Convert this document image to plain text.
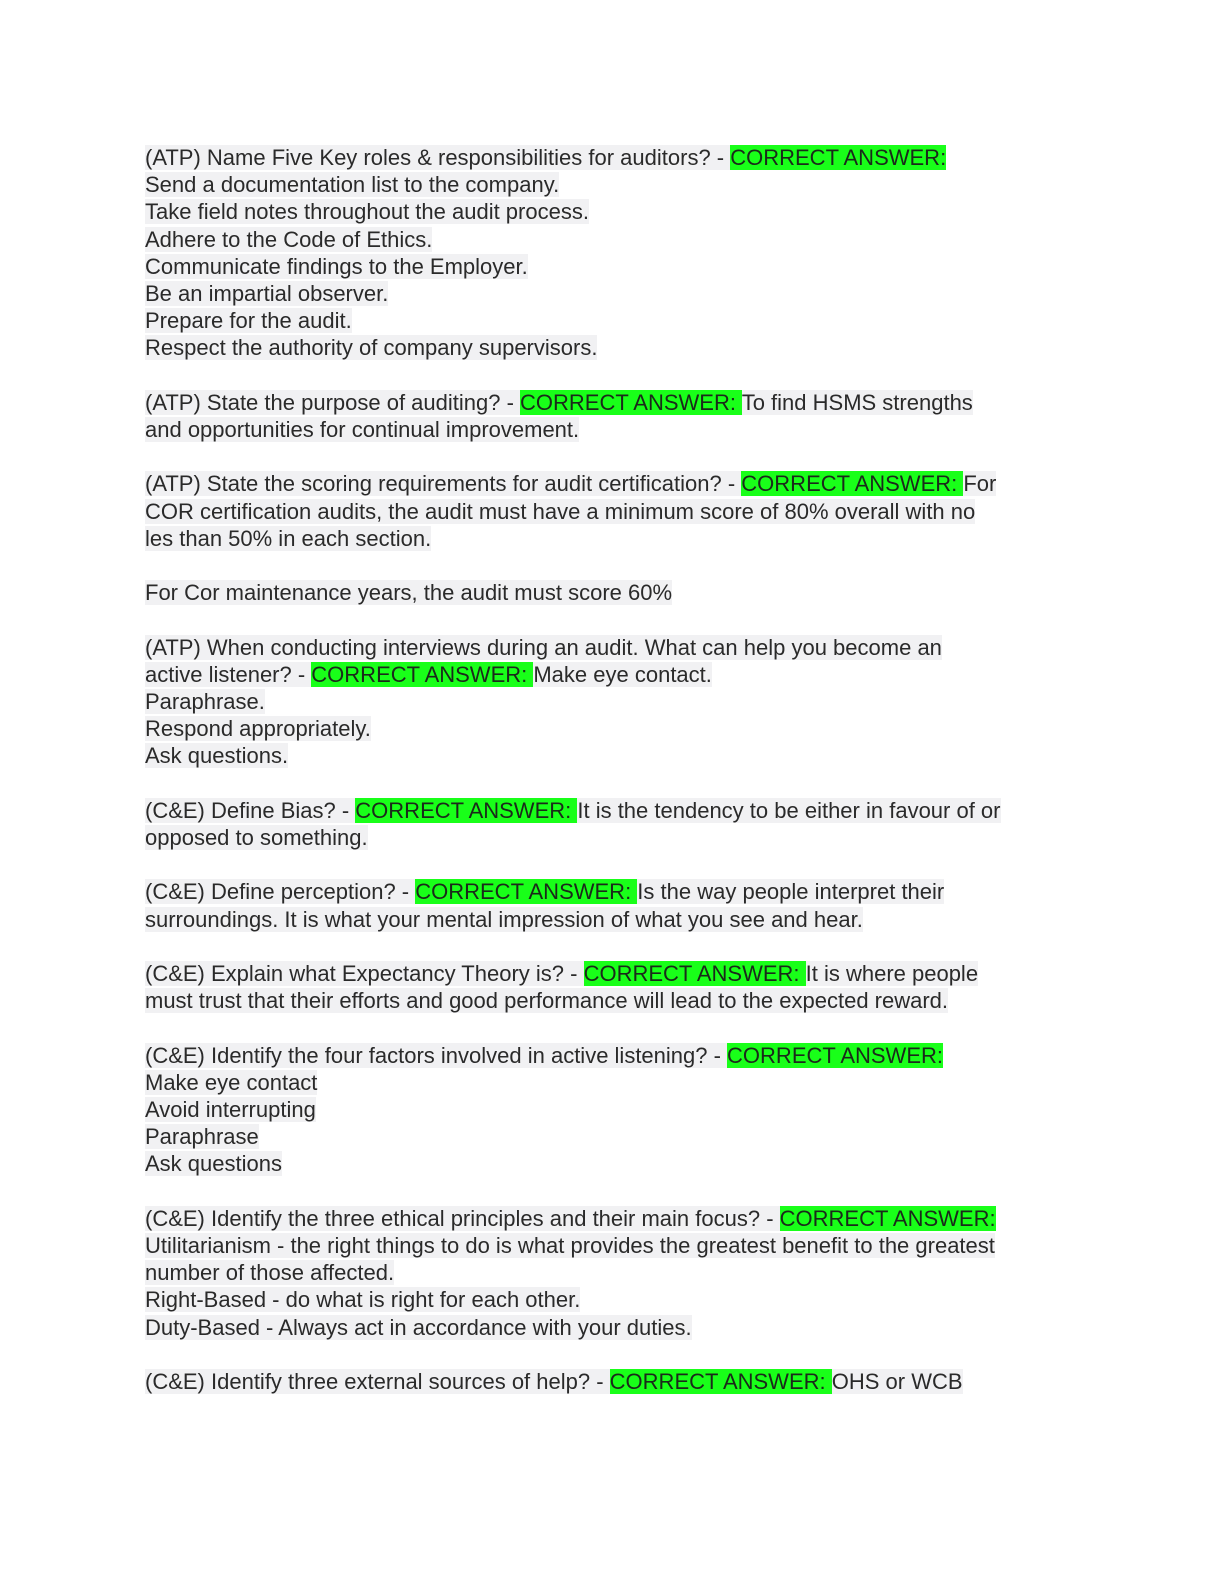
(ATP) Name Five Key roles & responsibilities for auditors? - CORRECT ANSWER:
Send a documentation list to the company.
Take field notes throughout the audit process.
Adhere to the Code of Ethics.
Communicate findings to the Employer.
Be an impartial observer.
Prepare for the audit.
Respect the authority of company supervisors.
(ATP) State the purpose of auditing? - CORRECT ANSWER: To find HSMS strengths
and opportunities for continual improvement.
(ATP) State the scoring requirements for audit certification? - CORRECT ANSWER: For
COR certification audits, the audit must have a minimum score of 80% overall with no
les than 50% in each section.
For Cor maintenance years, the audit must score 60%
(ATP) When conducting interviews during an audit. What can help you become an
active listener? - CORRECT ANSWER: Make eye contact.
Paraphrase.
Respond appropriately.
Ask questions.
(C&E) Define Bias? - CORRECT ANSWER: It is the tendency to be either in favour of or
opposed to something.
(C&E) Define perception? - CORRECT ANSWER: Is the way people interpret their
surroundings. It is what your mental impression of what you see and hear.
(C&E) Explain what Expectancy Theory is? - CORRECT ANSWER: It is where people
must trust that their efforts and good performance will lead to the expected reward.
(C&E) Identify the four factors involved in active listening? - CORRECT ANSWER:
Make eye contact
Avoid interrupting
Paraphrase
Ask questions
(C&E) Identify the three ethical principles and their main focus? - CORRECT ANSWER:
Utilitarianism - the right things to do is what provides the greatest benefit to the greatest
number of those affected.
Right-Based - do what is right for each other.
Duty-Based - Always act in accordance with your duties.
(C&E) Identify three external sources of help? - CORRECT ANSWER: OHS or WCB
